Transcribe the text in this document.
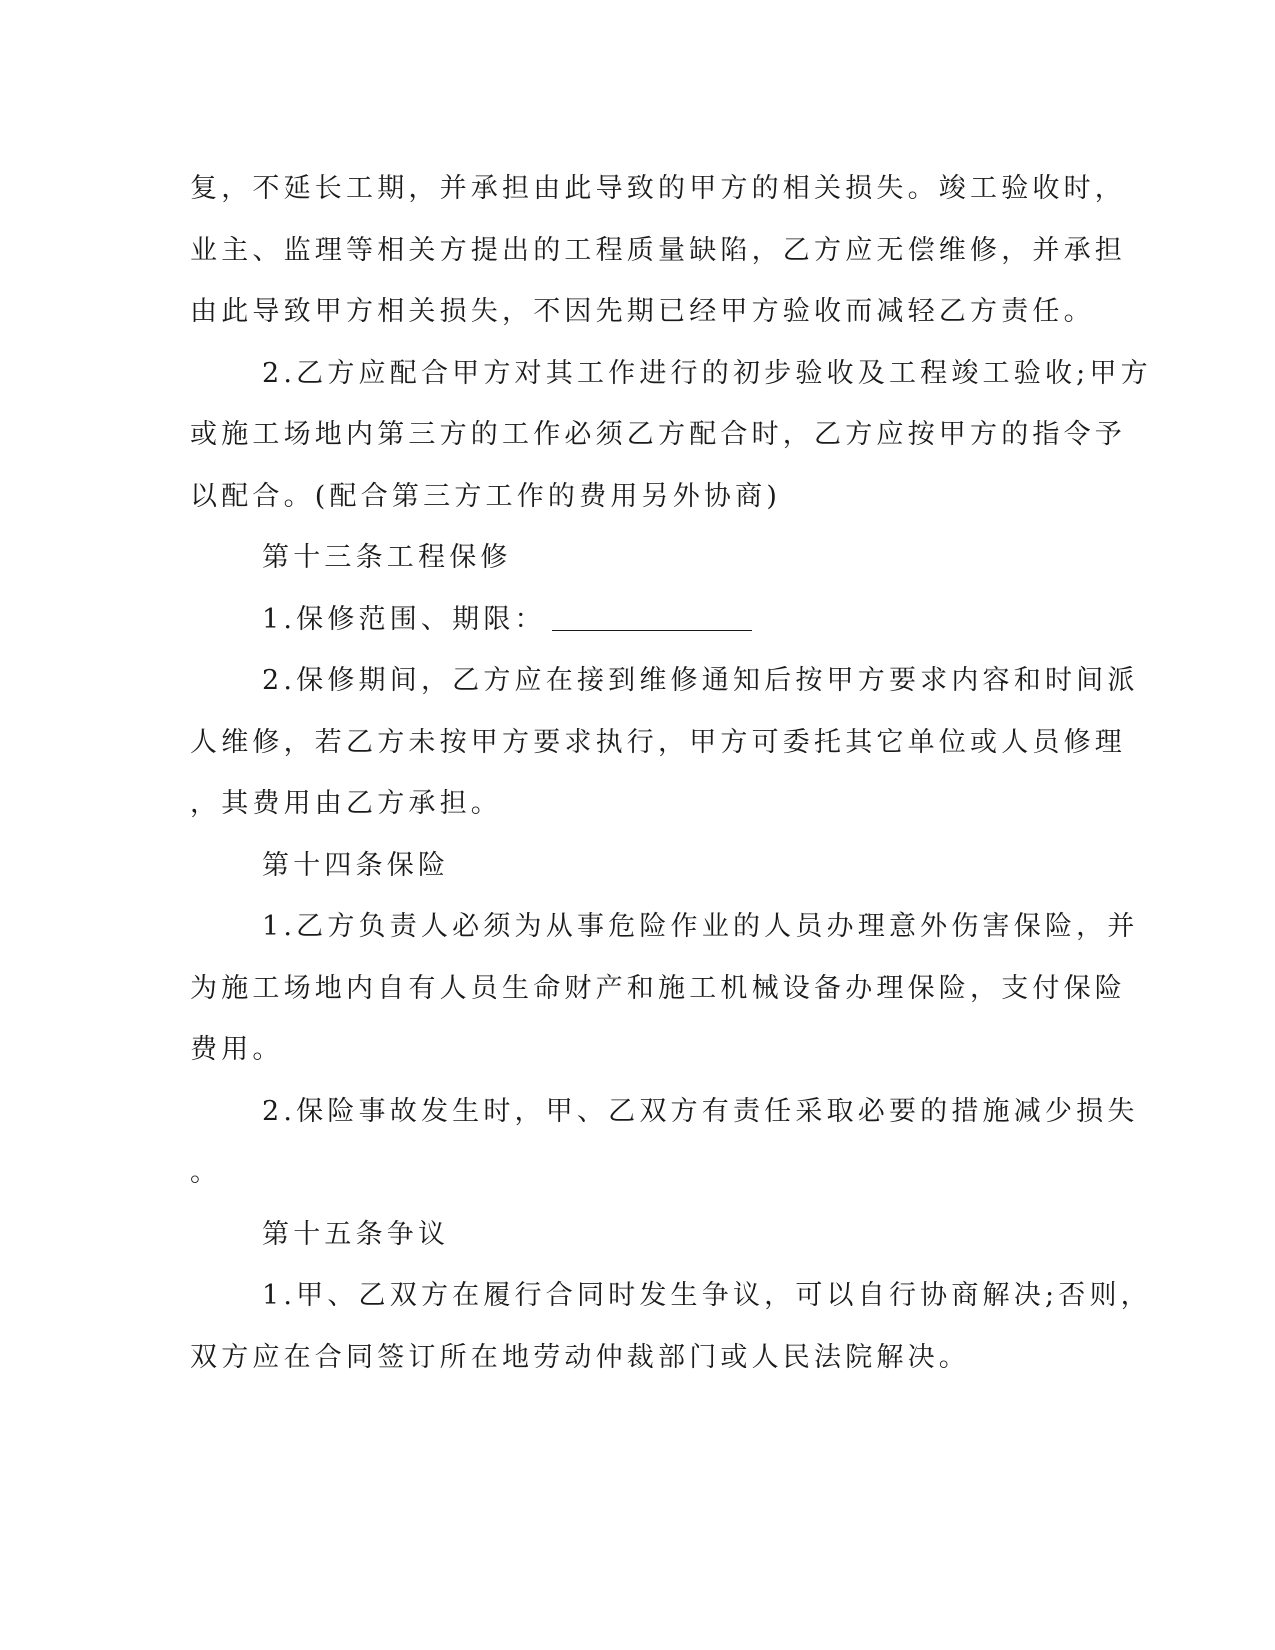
复，不延长工期，并承担由此导致的甲方的相关损失。竣工验收时，

业主、监理等相关方提出的工程质量缺陷，乙方应无偿维修，并承担

由此导致甲方相关损失，不因先期已经甲方验收而减轻乙方责任。

2.乙方应配合甲方对其工作进行的初步验收及工程竣工验收;甲方

或施工场地内第三方的工作必须乙方配合时，乙方应按甲方的指令予

以配合。(配合第三方工作的费用另外协商)

第十三条工程保修

1.保修范围、期限：

2.保修期间，乙方应在接到维修通知后按甲方要求内容和时间派

人维修，若乙方未按甲方要求执行，甲方可委托其它单位或人员修理

，其费用由乙方承担。

第十四条保险

1.乙方负责人必须为从事危险作业的人员办理意外伤害保险，并

为施工场地内自有人员生命财产和施工机械设备办理保险，支付保险

费用。

2.保险事故发生时，甲、乙双方有责任采取必要的措施减少损失

。

第十五条争议

1.甲、乙双方在履行合同时发生争议，可以自行协商解决;否则，

双方应在合同签订所在地劳动仲裁部门或人民法院解决。
